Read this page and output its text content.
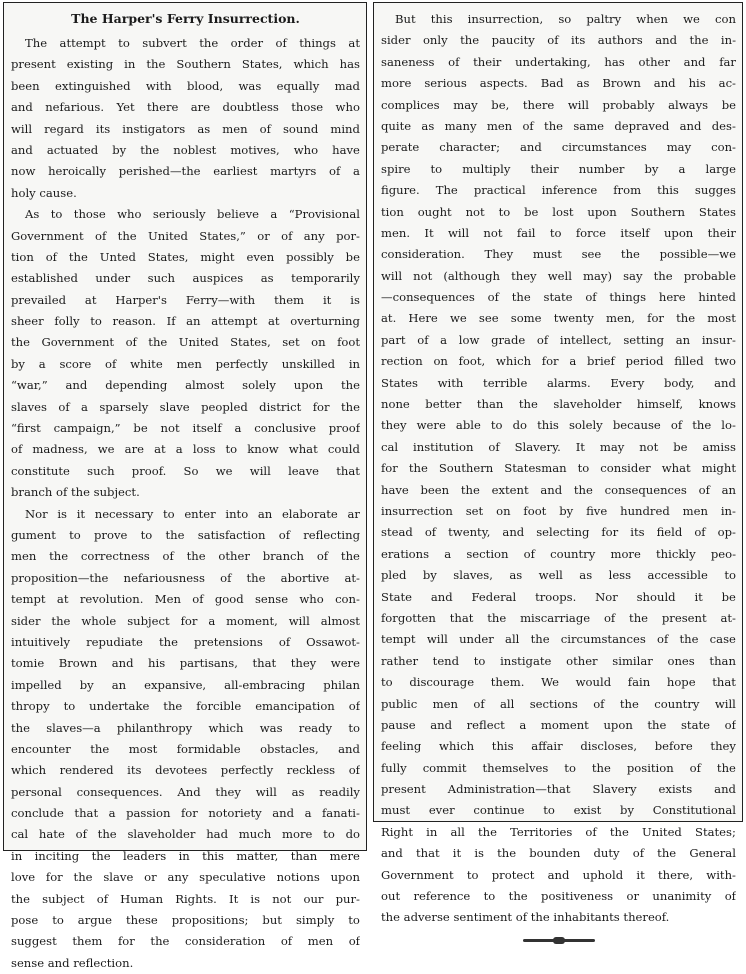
The Harper's Ferry Insurrection.
The attempt to subvert the order of things at
present existing in the Southern States, which has
been extinguished with blood, was equally mad
and nefarious. Yet there are doubtless those who
will regard its instigators as men of sound mind
and actuated by the noblest motives, who have
now heroically perished—the earliest martyrs of a
holy cause.
As to those who seriously believe a “Provisional
Government of the United States,” or of any por-
tion of the Unted States, might even possibly be
established under such auspices as temporarily
prevailed at Harper's Ferry—with them it is
sheer folly to reason. If an attempt at overturning
the Government of the United States, set on foot
by a score of white men perfectly unskilled in
“war,” and depending almost solely upon the
slaves of a sparsely slave peopled district for the
“first campaign,” be not itself a conclusive proof
of madness, we are at a loss to know what could
constitute such proof. So we will leave that
branch of the subject.
Nor is it necessary to enter into an elaborate ar
gument to prove to the satisfaction of reflecting
men the correctness of the other branch of the
proposition—the nefariousness of the abortive at-
tempt at revolution. Men of good sense who con-
sider the whole subject for a moment, will almost
intuitively repudiate the pretensions of Ossawot-
tomie Brown and his partisans, that they were
impelled by an expansive, all-embracing philan
thropy to undertake the forcible emancipation of
the slaves—a philanthropy which was ready to
encounter the most formidable obstacles, and
which rendered its devotees perfectly reckless of
personal consequences. And they will as readily
conclude that a passion for notoriety and a fanati-
cal hate of the slaveholder had much more to do
in inciting the leaders in this matter, than mere
love for the slave or any speculative notions upon
the subject of Human Rights. It is not our pur-
pose to argue these propositions; but simply to
suggest them for the consideration of men of
sense and reflection.
But this insurrection, so paltry when we con
sider only the paucity of its authors and the in-
saneness of their undertaking, has other and far
more serious aspects. Bad as Brown and his ac-
complices may be, there will probably always be
quite as many men of the same depraved and des-
perate character; and circumstances may con-
spire to multiply their number by a large
figure. The practical inference from this sugges
tion ought not to be lost upon Southern States
men. It will not fail to force itself upon their
consideration. They must see the possible—we
will not (although they well may) say the probable
—consequences of the state of things here hinted
at. Here we see some twenty men, for the most
part of a low grade of intellect, setting an insur-
rection on foot, which for a brief period filled two
States with terrible alarms. Every body, and
none better than the slaveholder himself, knows
they were able to do this solely because of the lo-
cal institution of Slavery. It may not be amiss
for the Southern Statesman to consider what might
have been the extent and the consequences of an
insurrection set on foot by five hundred men in-
stead of twenty, and selecting for its field of op-
erations a section of country more thickly peo-
pled by slaves, as well as less accessible to
State and Federal troops. Nor should it be
forgotten that the miscarriage of the present at-
tempt will under all the circumstances of the case
rather tend to instigate other similar ones than
to discourage them. We would fain hope that
public men of all sections of the country will
pause and reflect a moment upon the state of
feeling which this affair discloses, before they
fully commit themselves to the position of the
present Administration—that Slavery exists and
must ever continue to exist by Constitutional
Right in all the Territories of the United States;
and that it is the bounden duty of the General
Government to protect and uphold it there, with-
out reference to the positiveness or unanimity of
the adverse sentiment of the inhabitants thereof.
